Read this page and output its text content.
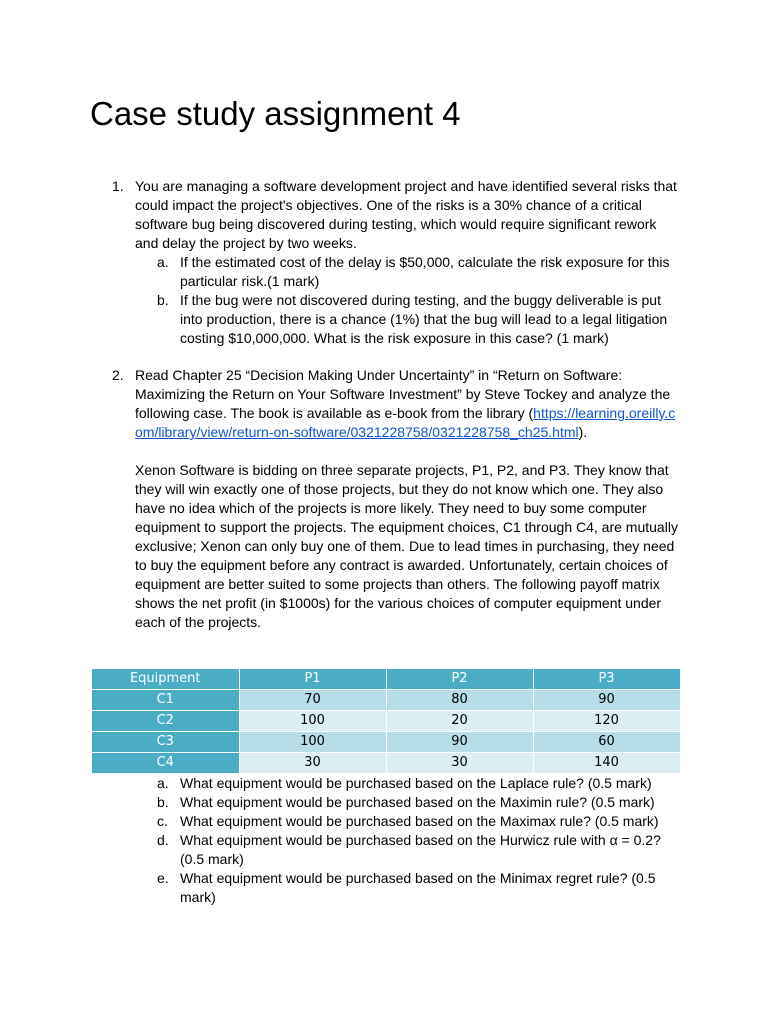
Case study assignment 4
1. You are managing a software development project and have identified several risks that could impact the project's objectives. One of the risks is a 30% chance of a critical software bug being discovered during testing, which would require significant rework and delay the project by two weeks.

a. If the estimated cost of the delay is $50,000, calculate the risk exposure for this particular risk.(1 mark)
b. If the bug were not discovered during testing, and the buggy deliverable is put into production, there is a chance (1%) that the bug will lead to a legal litigation costing $10,000,000. What is the risk exposure in this case? (1 mark)
2. Read Chapter 25 “Decision Making Under Uncertainty” in “Return on Software: Maximizing the Return on Your Software Investment” by Steve Tockey and analyze the following case. The book is available as e-book from the library (https://learning.oreilly.com/library/view/return-on-software/0321228758/0321228758_ch25.html).

Xenon Software is bidding on three separate projects, P1, P2, and P3. They know that they will win exactly one of those projects, but they do not know which one. They also have no idea which of the projects is more likely. They need to buy some computer equipment to support the projects. The equipment choices, C1 through C4, are mutually exclusive; Xenon can only buy one of them. Due to lead times in purchasing, they need to buy the equipment before any contract is awarded. Unfortunately, certain choices of equipment are better suited to some projects than others. The following payoff matrix shows the net profit (in $1000s) for the various choices of computer equipment under each of the projects.

Equipment	P1	P2	P3
C1	70	80	90
C2	100	20	120
C3	100	90	60
C4	30	30	140
a. What equipment would be purchased based on the Laplace rule? (0.5 mark)
b. What equipment would be purchased based on the Maximin rule? (0.5 mark)
c. What equipment would be purchased based on the Maximax rule? (0.5 mark)
d. What equipment would be purchased based on the Hurwicz rule with α = 0.2? (0.5 mark)
e. What equipment would be purchased based on the Minimax regret rule? (0.5 mark)
